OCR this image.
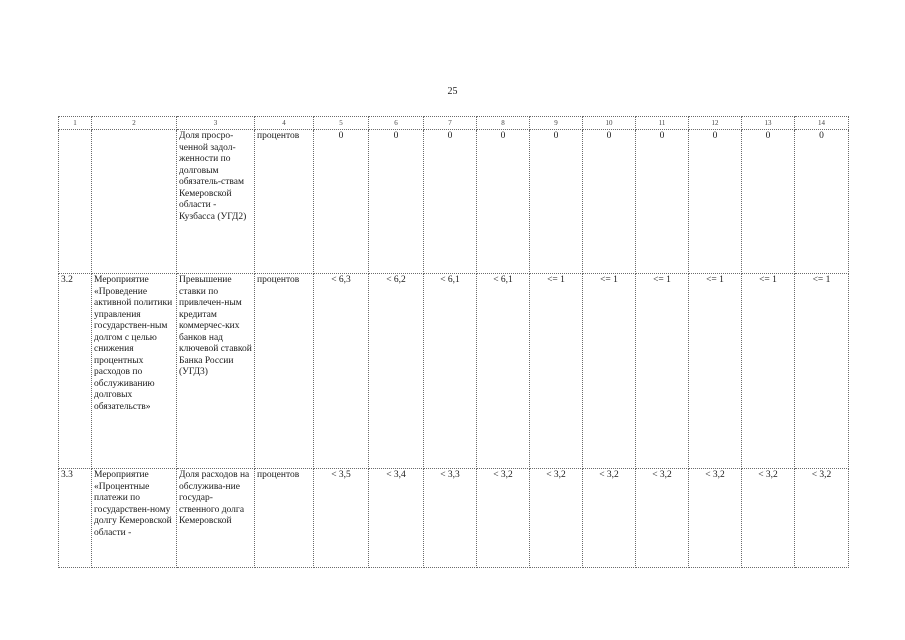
25
1	2	3	4	5	6	7	8	9	10	11	12	13	14
		Доля просро-ченной задол-женности по долговым обязатель-ствам Кемеровской области - Кузбасса (УГД2)	процентов	0	0	0	0	0	0	0	0	0	0
3.2	Мероприятие «Проведение активной политики управления государствен-ным долгом с целью снижения процентных расходов по обслуживанию долговых обязательств»	Превышение ставки по привлечен-ным кредитам коммерчес-ких банков над ключевой ставкой Банка России (УГД3)	процентов	< 6,3	< 6,2	< 6,1	< 6,1	<= 1	<= 1	<= 1	<= 1	<= 1	<= 1
3.3	Мероприятие «Процентные платежи по государствен-ному долгу Кемеровской области -	Доля расходов на обслужива-ние государ-ственного долга Кемеровской	процентов	< 3,5	< 3,4	< 3,3	< 3,2	< 3,2	< 3,2	< 3,2	< 3,2	< 3,2	< 3,2
